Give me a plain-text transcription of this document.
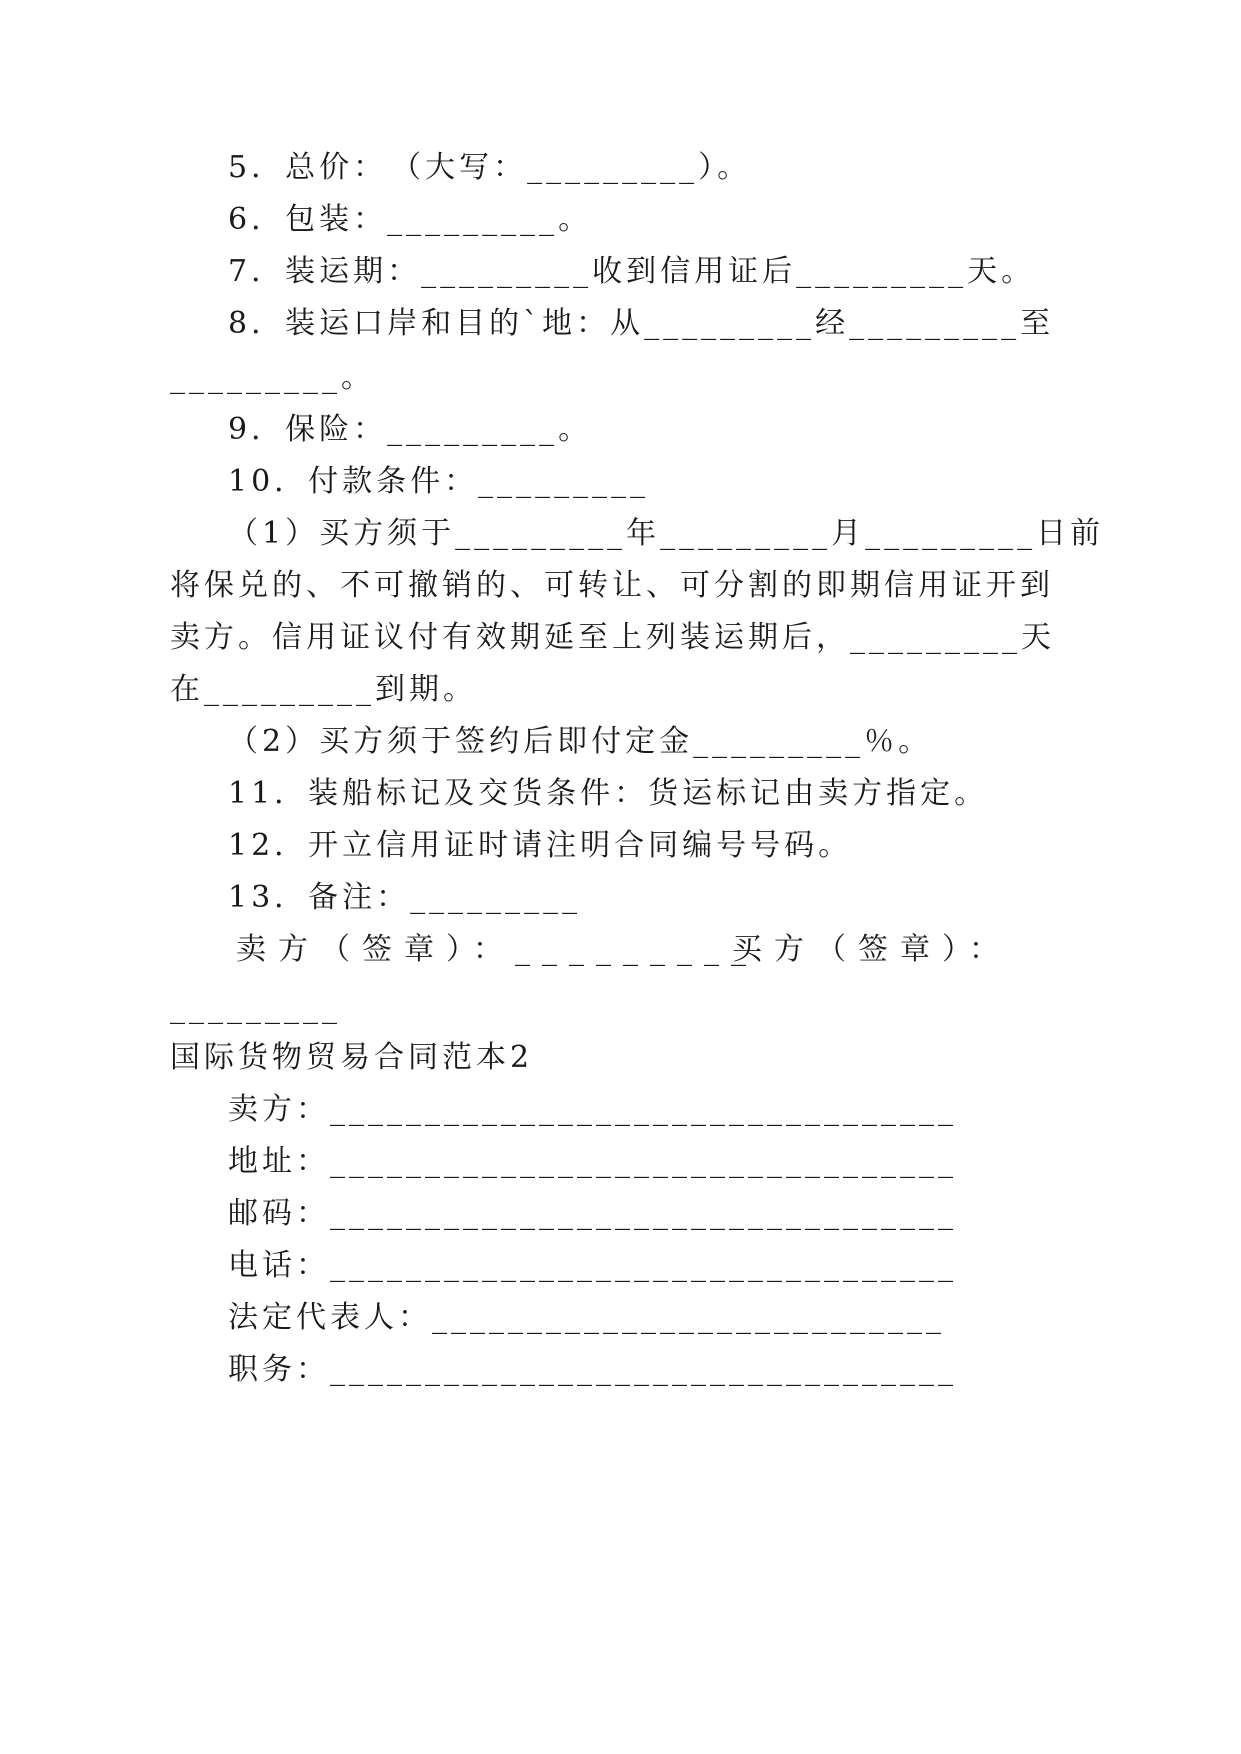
5．总价：　（大写：_________）。
6．包装：_________。
7．装运期：_________收到信用证后_________天。
8．装运口岸和目的`地：从_________经_________至
_________。
9．保险：_________。
10．付款条件：_________
（1）买方须于_________年_________月_________日前
将保兑的、不可撤销的、可转让、可分割的即期信用证开到
卖方。信用证议付有效期延至上列装运期后，_________天
在_________到期。
（2）买方须于签约后即付定金_________％。
11．装船标记及交货条件：货运标记由卖方指定。
12．开立信用证时请注明合同编号号码。
13．备注：_________
卖方（签章）：_________
买方（签章）：
_________
国际货物贸易合同范本2
卖方：_________________________________
地址：_________________________________
邮码：_________________________________
电话：_________________________________
法定代表人：___________________________
职务：_________________________________
